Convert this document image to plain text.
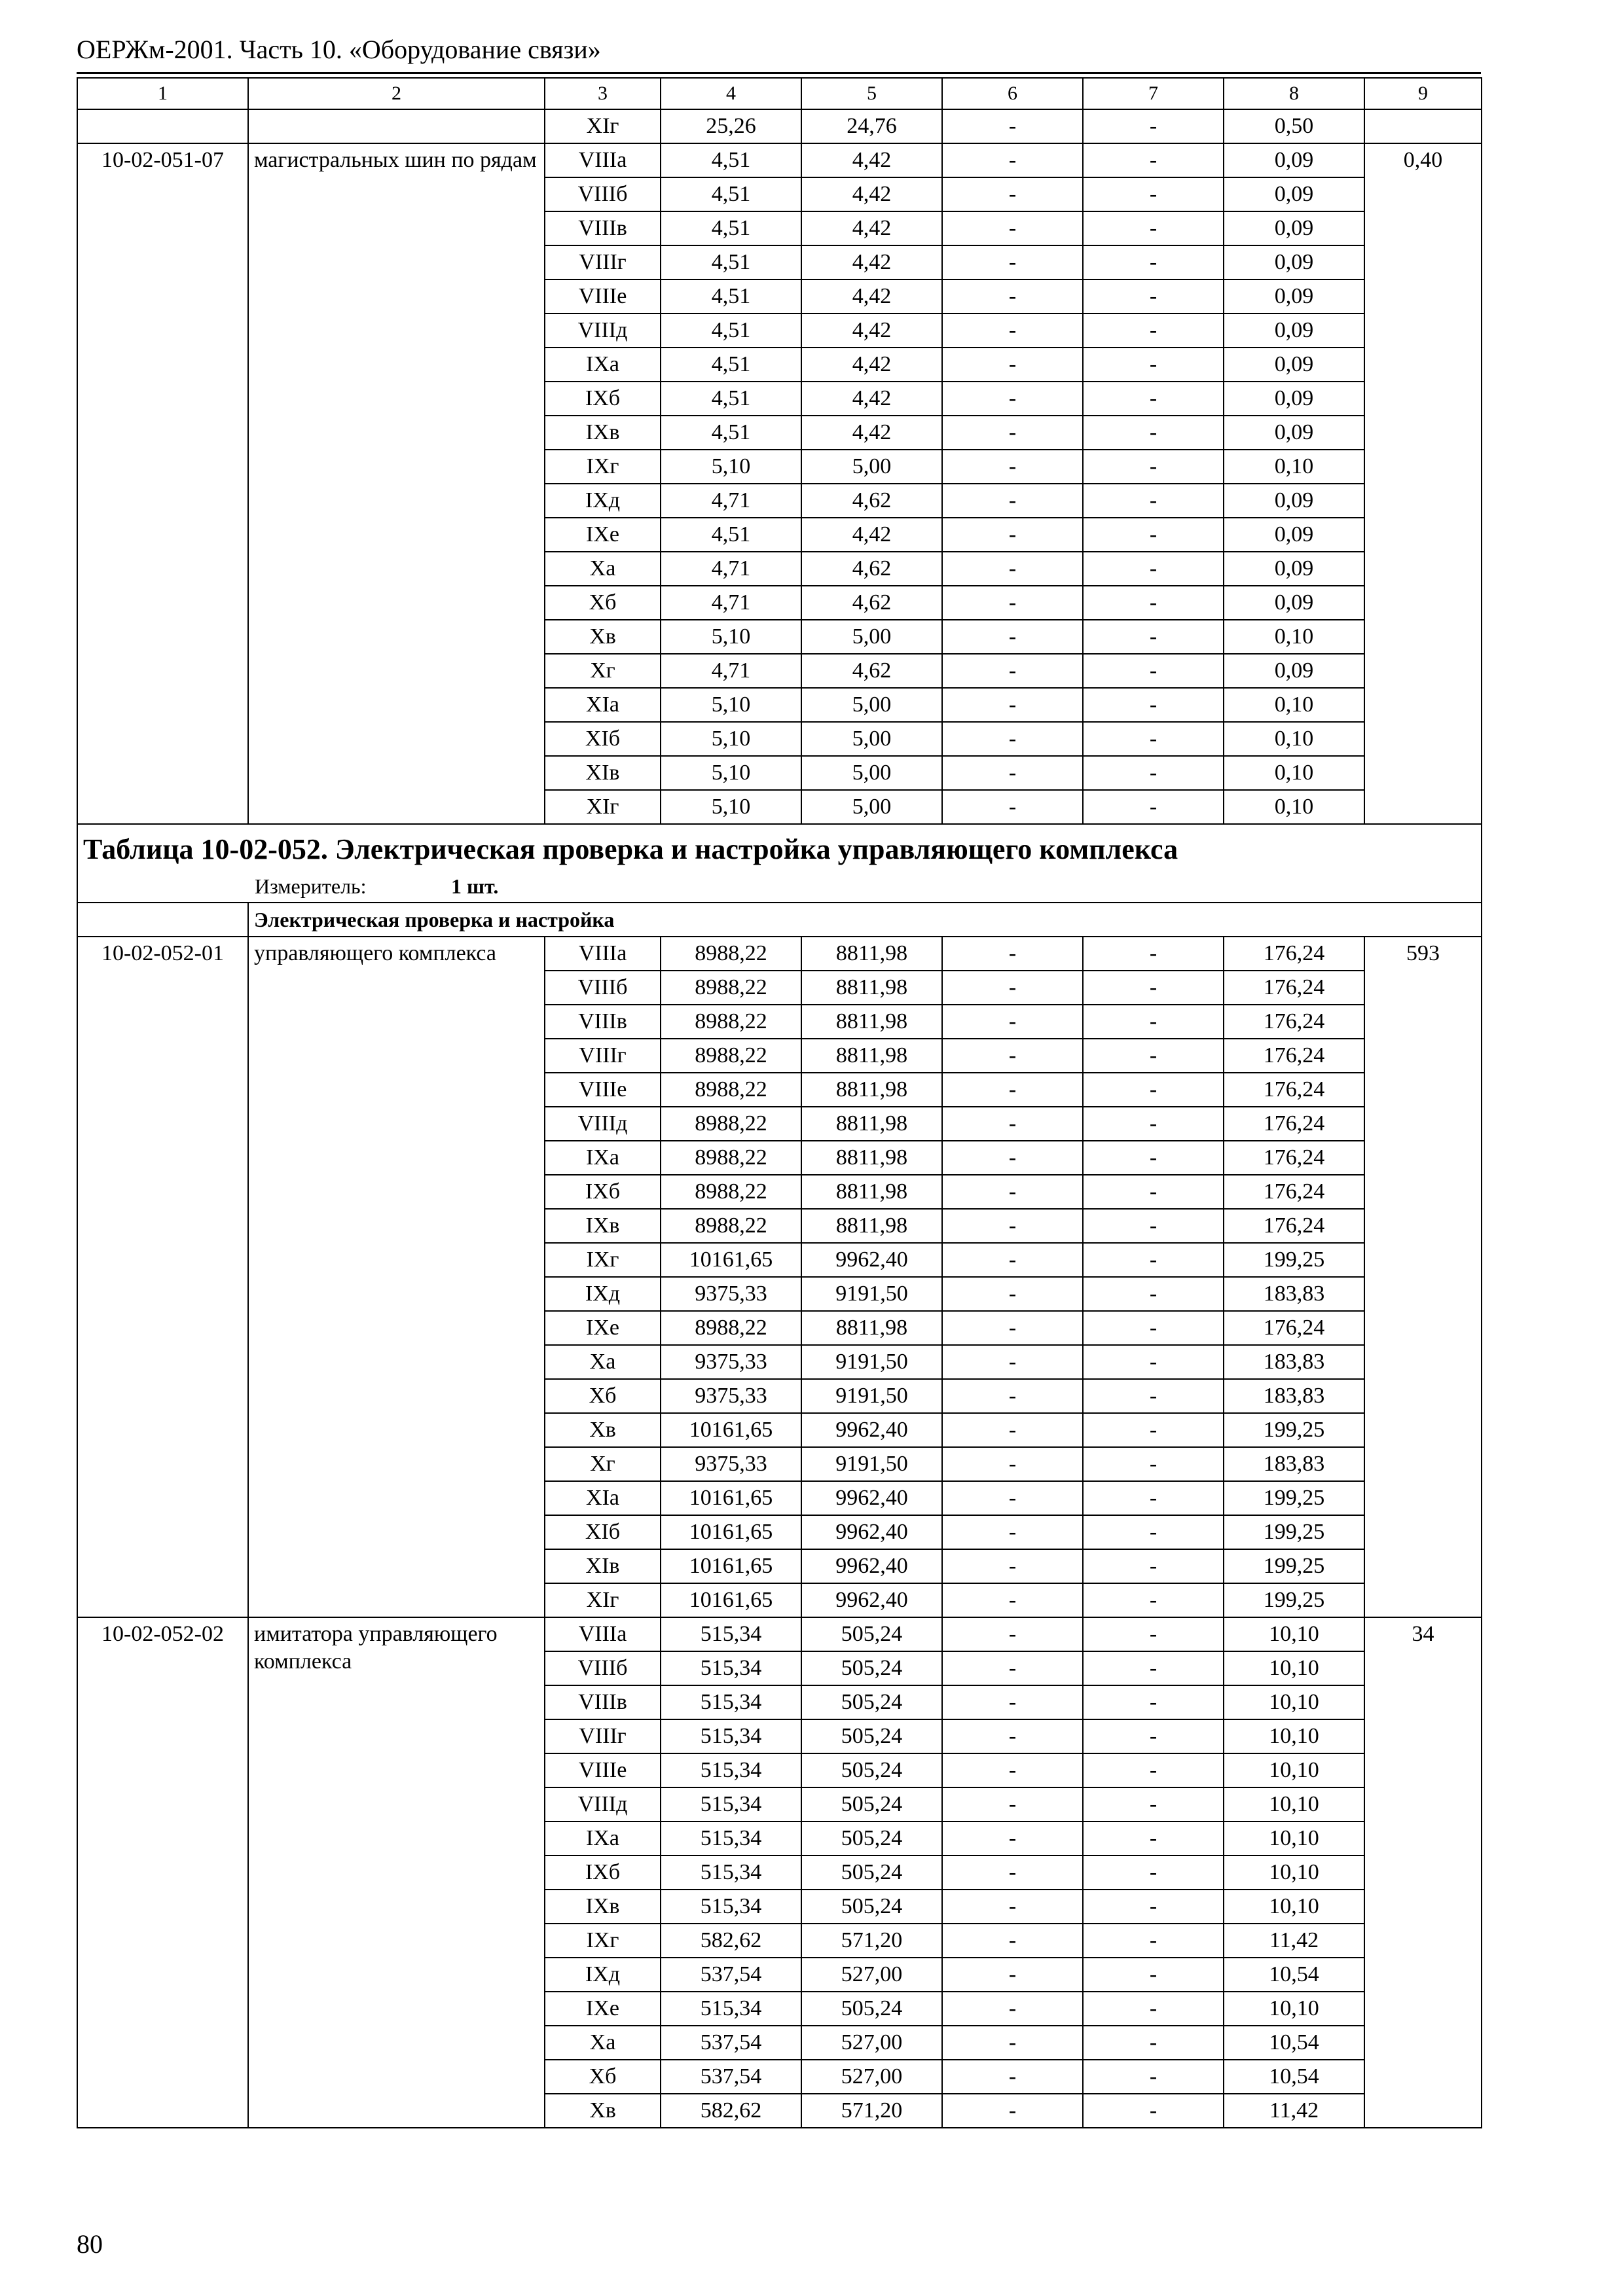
ОЕРЖм-2001. Часть 10. «Оборудование связи»
1	2	3	4	5	6	7	8	9
		XIг	25,26	24,76	-	-	0,50	
10-02-051-07	магистральных шин по рядам	VIIIа	4,51	4,42	-	-	0,09	0,40
		VIIIб	4,51	4,42	-	-	0,09	
		VIIIв	4,51	4,42	-	-	0,09	
		VIIIг	4,51	4,42	-	-	0,09	
		VIIIе	4,51	4,42	-	-	0,09	
		VIIIд	4,51	4,42	-	-	0,09	
		IXа	4,51	4,42	-	-	0,09	
		IXб	4,51	4,42	-	-	0,09	
		IXв	4,51	4,42	-	-	0,09	
		IXг	5,10	5,00	-	-	0,10	
		IXд	4,71	4,62	-	-	0,09	
		IXе	4,51	4,42	-	-	0,09	
		Xа	4,71	4,62	-	-	0,09	
		Xб	4,71	4,62	-	-	0,09	
		Xв	5,10	5,00	-	-	0,10	
		Xг	4,71	4,62	-	-	0,09	
		XIа	5,10	5,00	-	-	0,10	
		XIб	5,10	5,00	-	-	0,10	
		XIв	5,10	5,00	-	-	0,10	
		XIг	5,10	5,00	-	-	0,10	

Таблица 10-02-052. Электрическая проверка и настройка управляющего комплекса
Измеритель: 1 шт.								

	Электрическая проверка и настройка							
10-02-052-01	управляющего комплекса	VIIIа	8988,22	8811,98	-	-	176,24	593
		VIIIб	8988,22	8811,98	-	-	176,24	
		VIIIв	8988,22	8811,98	-	-	176,24	
		VIIIг	8988,22	8811,98	-	-	176,24	
		VIIIе	8988,22	8811,98	-	-	176,24	
		VIIIд	8988,22	8811,98	-	-	176,24	
		IXа	8988,22	8811,98	-	-	176,24	
		IXб	8988,22	8811,98	-	-	176,24	
		IXв	8988,22	8811,98	-	-	176,24	
		IXг	10161,65	9962,40	-	-	199,25	
		IXд	9375,33	9191,50	-	-	183,83	
		IXе	8988,22	8811,98	-	-	176,24	
		Xа	9375,33	9191,50	-	-	183,83	
		Xб	9375,33	9191,50	-	-	183,83	
		Xв	10161,65	9962,40	-	-	199,25	
		Xг	9375,33	9191,50	-	-	183,83	
		XIа	10161,65	9962,40	-	-	199,25	
		XIб	10161,65	9962,40	-	-	199,25	
		XIв	10161,65	9962,40	-	-	199,25	
		XIг	10161,65	9962,40	-	-	199,25	
10-02-052-02	имитатора управляющего комплекса	VIIIа	515,34	505,24	-	-	10,10	34
		VIIIб	515,34	505,24	-	-	10,10	
		VIIIв	515,34	505,24	-	-	10,10	
		VIIIг	515,34	505,24	-	-	10,10	
		VIIIе	515,34	505,24	-	-	10,10	
		VIIIд	515,34	505,24	-	-	10,10	
		IXа	515,34	505,24	-	-	10,10	
		IXб	515,34	505,24	-	-	10,10	
		IXв	515,34	505,24	-	-	10,10	
		IXг	582,62	571,20	-	-	11,42	
		IXд	537,54	527,00	-	-	10,54	
		IXе	515,34	505,24	-	-	10,10	
		Xа	537,54	527,00	-	-	10,54	
		Xб	537,54	527,00	-	-	10,54	
		Xв	582,62	571,20	-	-	11,42	
80
